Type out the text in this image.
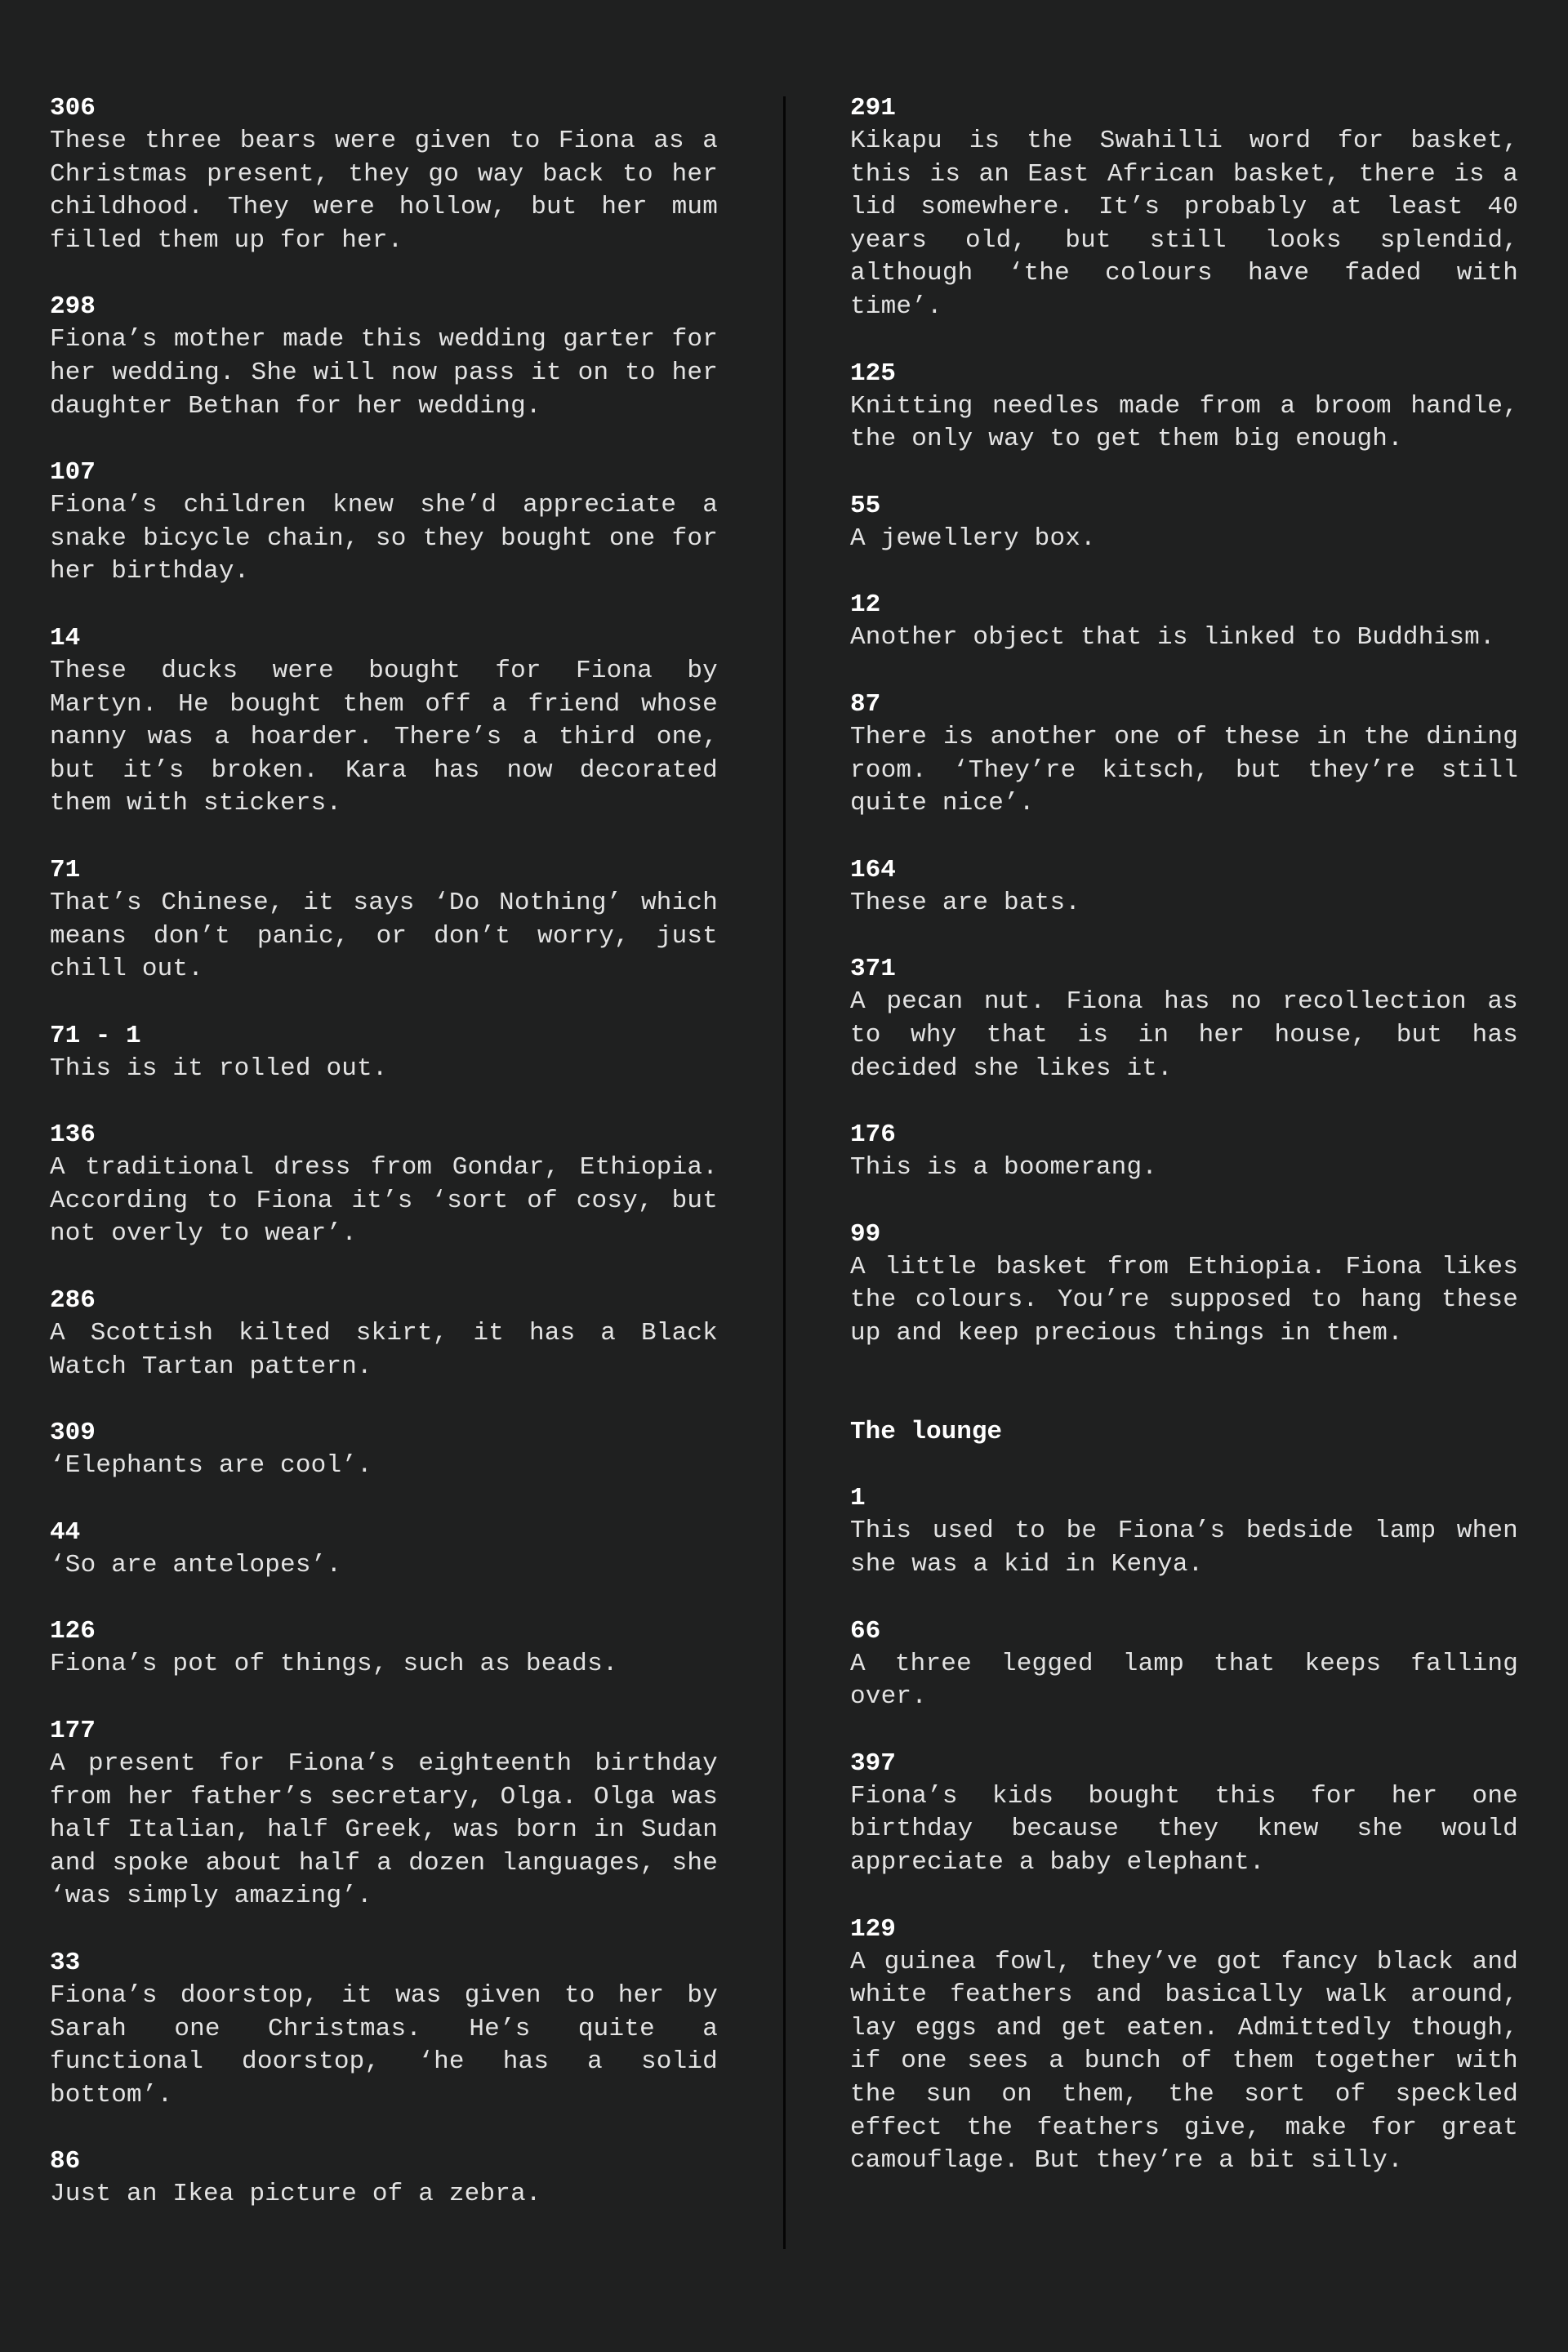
306
These three bears were given to Fiona as a Christmas present, they go way back to her childhood. They were hollow, but her mum filled them up for her.
298
Fiona’s mother made this wedding garter for her wedding. She will now pass it on to her daughter Bethan for her wedding.
107
Fiona’s children knew she’d appreciate a snake bicycle chain, so they bought one for her birthday.
14
These ducks were bought for Fiona by Martyn. He bought them off a friend whose nanny was a hoarder. There’s a third one, but it’s broken. Kara has now decorated them with stickers.
71
That’s Chinese, it says ‘Do Nothing’ which means don’t panic, or don’t worry, just chill out.
71 - 1
This is it rolled out.
136
A traditional dress from Gondar, Ethiopia. According to Fiona it’s ‘sort of cosy, but not overly to wear’.
286
A Scottish kilted skirt, it has a Black Watch Tartan pattern.
309
‘Elephants are cool’.
44
‘So are antelopes’.
126
Fiona’s pot of things, such as beads.
177
A present for Fiona’s eighteenth birthday from her father’s secretary, Olga. Olga was half Italian, half Greek, was born in Sudan and spoke about half a dozen languages, she ‘was simply amazing’.
33
Fiona’s doorstop, it was given to her by Sarah one Christmas. He’s quite a functional doorstop, ‘he has a solid bottom’.
86
Just an Ikea picture of a zebra.
291
Kikapu is the Swahilli word for basket, this is an East African basket, there is a lid somewhere. It’s probably at least 40 years old, but still looks splendid, although ‘the colours have faded with time’.
125
Knitting needles made from a broom handle, the only way to get them big enough.
55
A jewellery box.
12
Another object that is linked to Buddhism.
87
There is another one of these in the dining room. ‘They’re kitsch, but they’re still quite nice’.
164
These are bats.
371
A pecan nut. Fiona has no recollection as to why that is in her house, but has decided she likes it.
176
This is a boomerang.
99
A little basket from Ethiopia. Fiona likes the colours. You’re supposed to hang these up and keep precious things in them.
The lounge
1
This used to be Fiona’s bedside lamp when she was a kid in Kenya.
66
A three legged lamp that keeps falling over.
397
Fiona’s kids bought this for her one birthday because they knew she would appreciate a baby elephant.
129
A guinea fowl, they’ve got fancy black and white feathers and basically walk around, lay eggs and get eaten. Admittedly though, if one sees a bunch of them together with the sun on them, the sort of speckled effect the feathers give, make for great camouflage. But they’re a bit silly.
